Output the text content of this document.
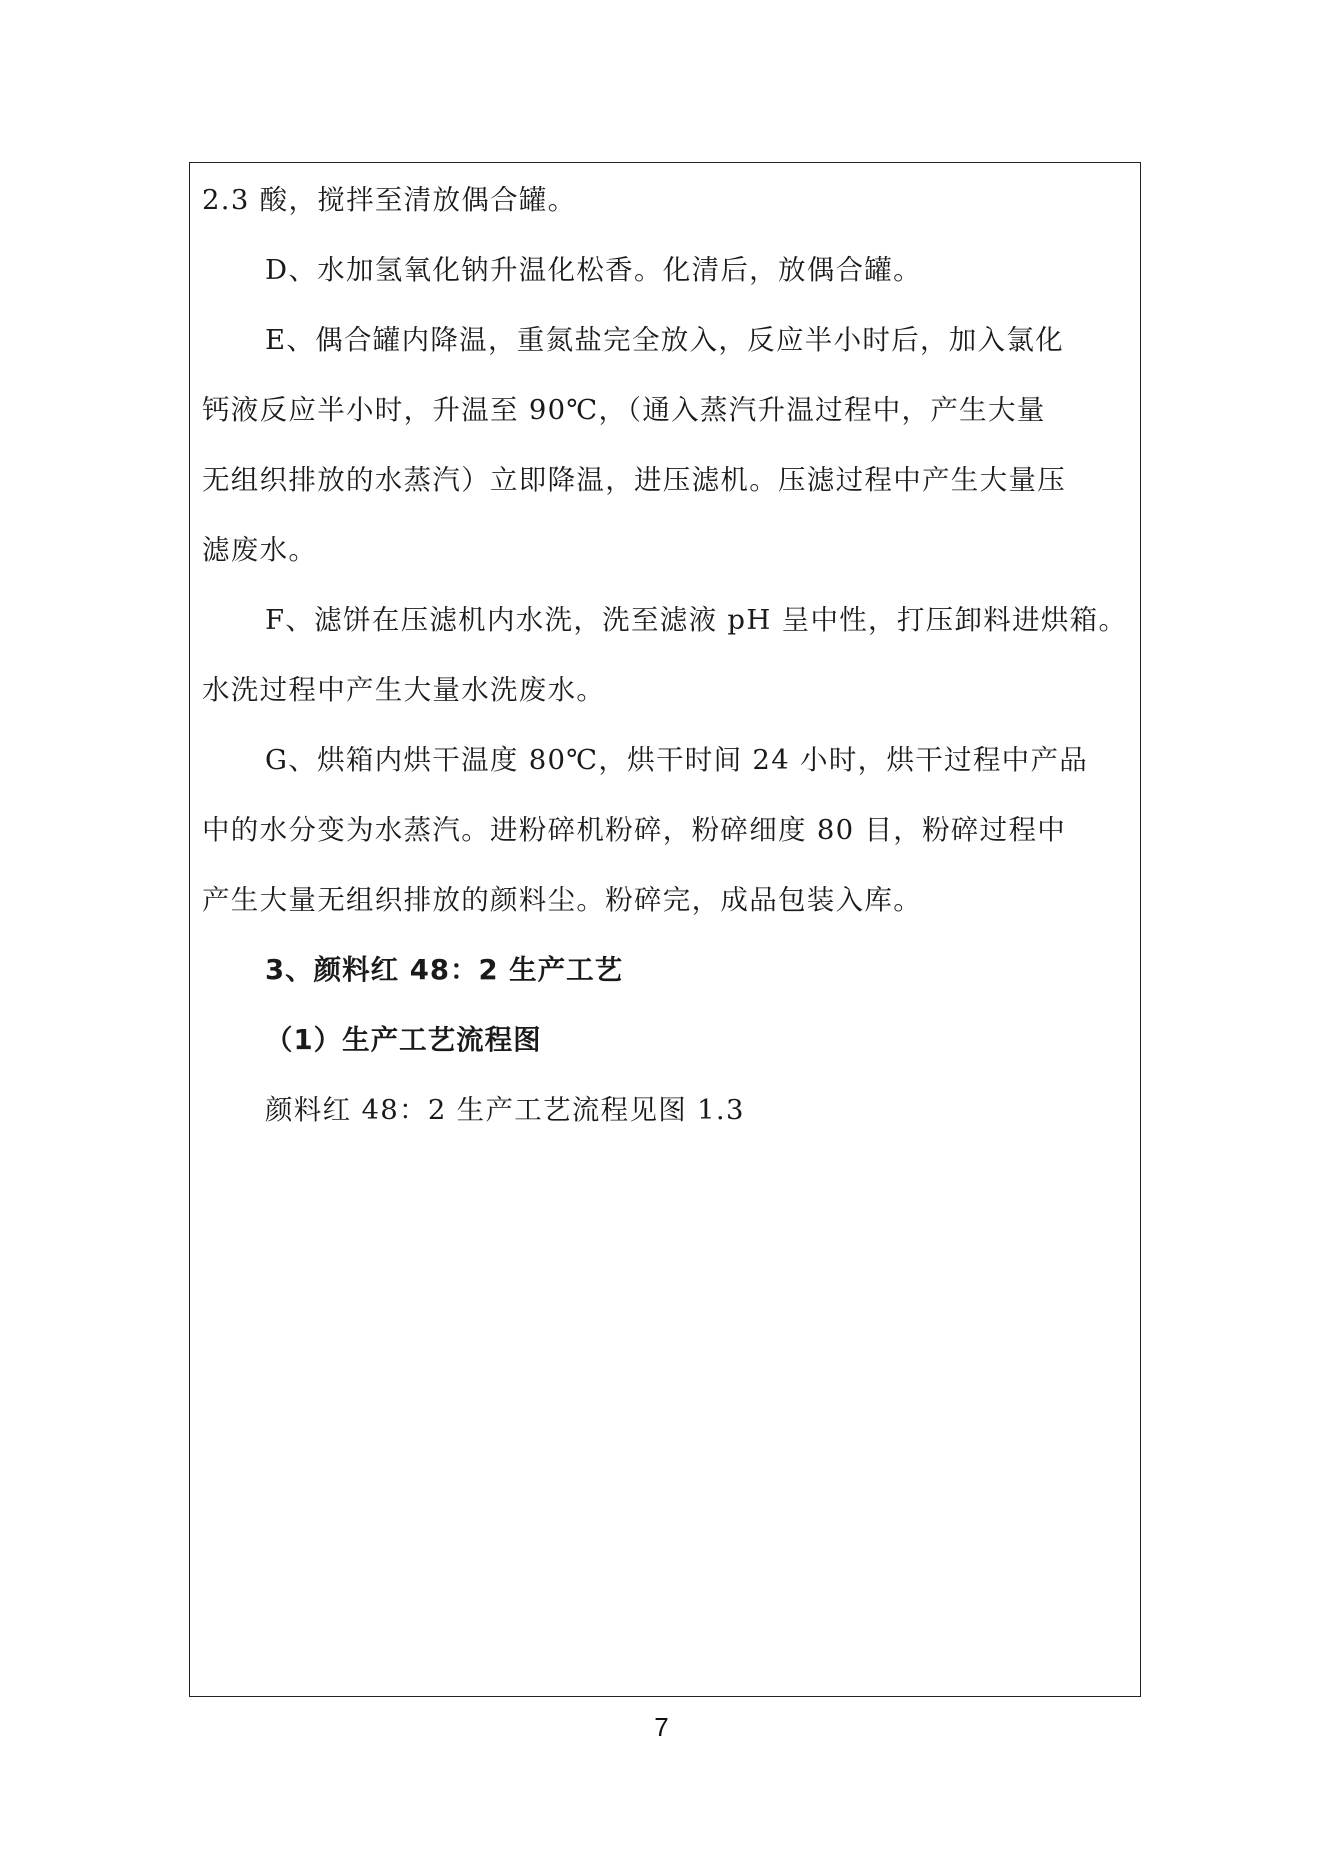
2.3 酸，搅拌至清放偶合罐。
D、水加氢氧化钠升温化松香。化清后，放偶合罐。
E、偶合罐内降温，重氮盐完全放入，反应半小时后，加入氯化
钙液反应半小时，升温至 90℃，（通入蒸汽升温过程中，产生大量
无组织排放的水蒸汽）立即降温，进压滤机。压滤过程中产生大量压
滤废水。
F、滤饼在压滤机内水洗，洗至滤液 pH 呈中性，打压卸料进烘箱。
水洗过程中产生大量水洗废水。
G、烘箱内烘干温度 80℃，烘干时间 24 小时，烘干过程中产品
中的水分变为水蒸汽。进粉碎机粉碎，粉碎细度 80 目，粉碎过程中
产生大量无组织排放的颜料尘。粉碎完，成品包装入库。
3、颜料红 48：2 生产工艺
（1）生产工艺流程图
颜料红 48：2 生产工艺流程见图 1.3
7
